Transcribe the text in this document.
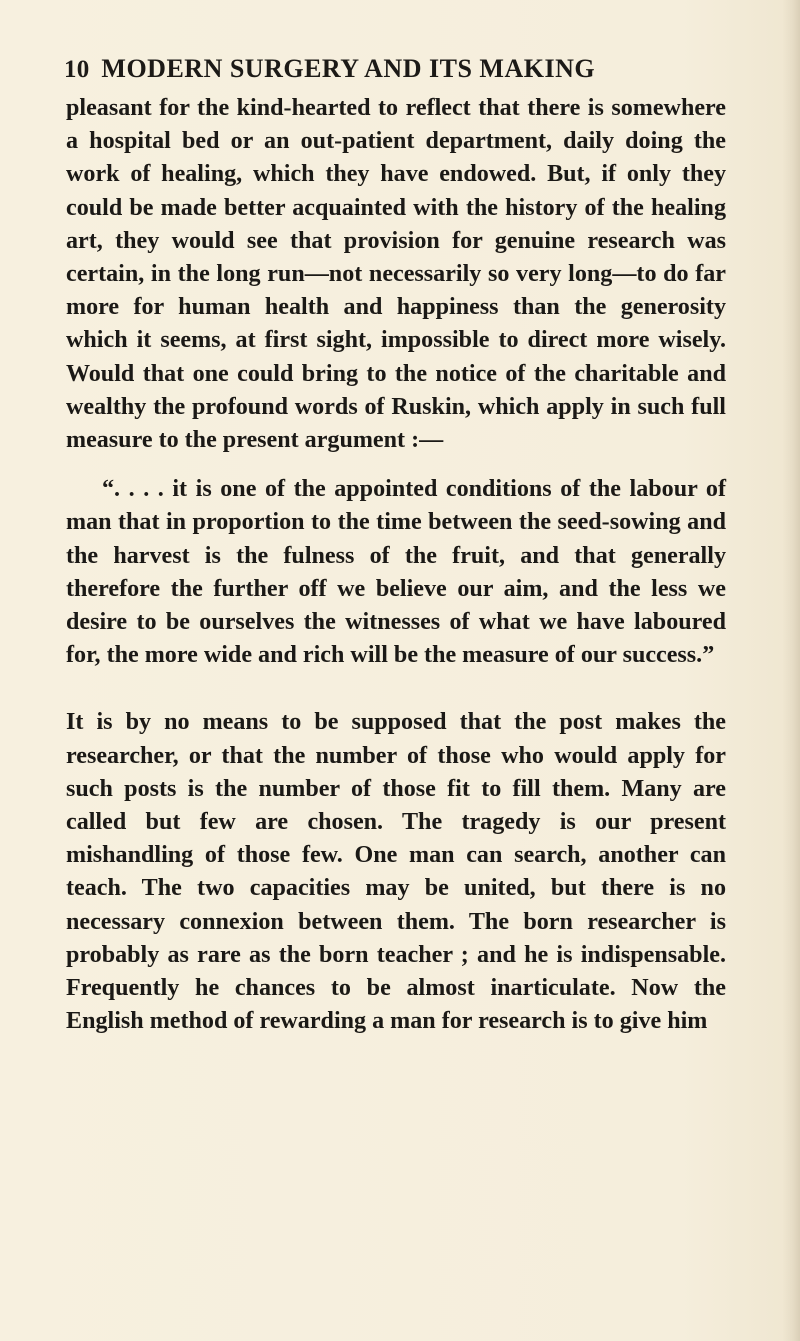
10 MODERN SURGERY AND ITS MAKING

pleasant for the kind-hearted to reflect that there is somewhere a hospital bed or an out-patient department, daily doing the work of healing, which they have endowed. But, if only they could be made better acquainted with the history of the healing art, they would see that provision for genuine research was certain, in the long run—not necessarily so very long—to do far more for human health and happiness than the generosity which it seems, at first sight, impossible to direct more wisely. Would that one could bring to the notice of the charitable and wealthy the profound words of Ruskin, which apply in such full measure to the present argument :—

“. . . . it is one of the appointed conditions of the labour of man that in proportion to the time between the seed-sowing and the harvest is the fulness of the fruit, and that generally therefore the further off we believe our aim, and the less we desire to be ourselves the witnesses of what we have laboured for, the more wide and rich will be the measure of our success.”

It is by no means to be supposed that the post makes the researcher, or that the number of those who would apply for such posts is the number of those fit to fill them. Many are called but few are chosen. The tragedy is our present mishandling of those few. One man can search, another can teach. The two capacities may be united, but there is no necessary connexion between them. The born researcher is probably as rare as the born teacher ; and he is indispensable. Frequently he chances to be almost inarticulate. Now the English method of rewarding a man for research is to give him
